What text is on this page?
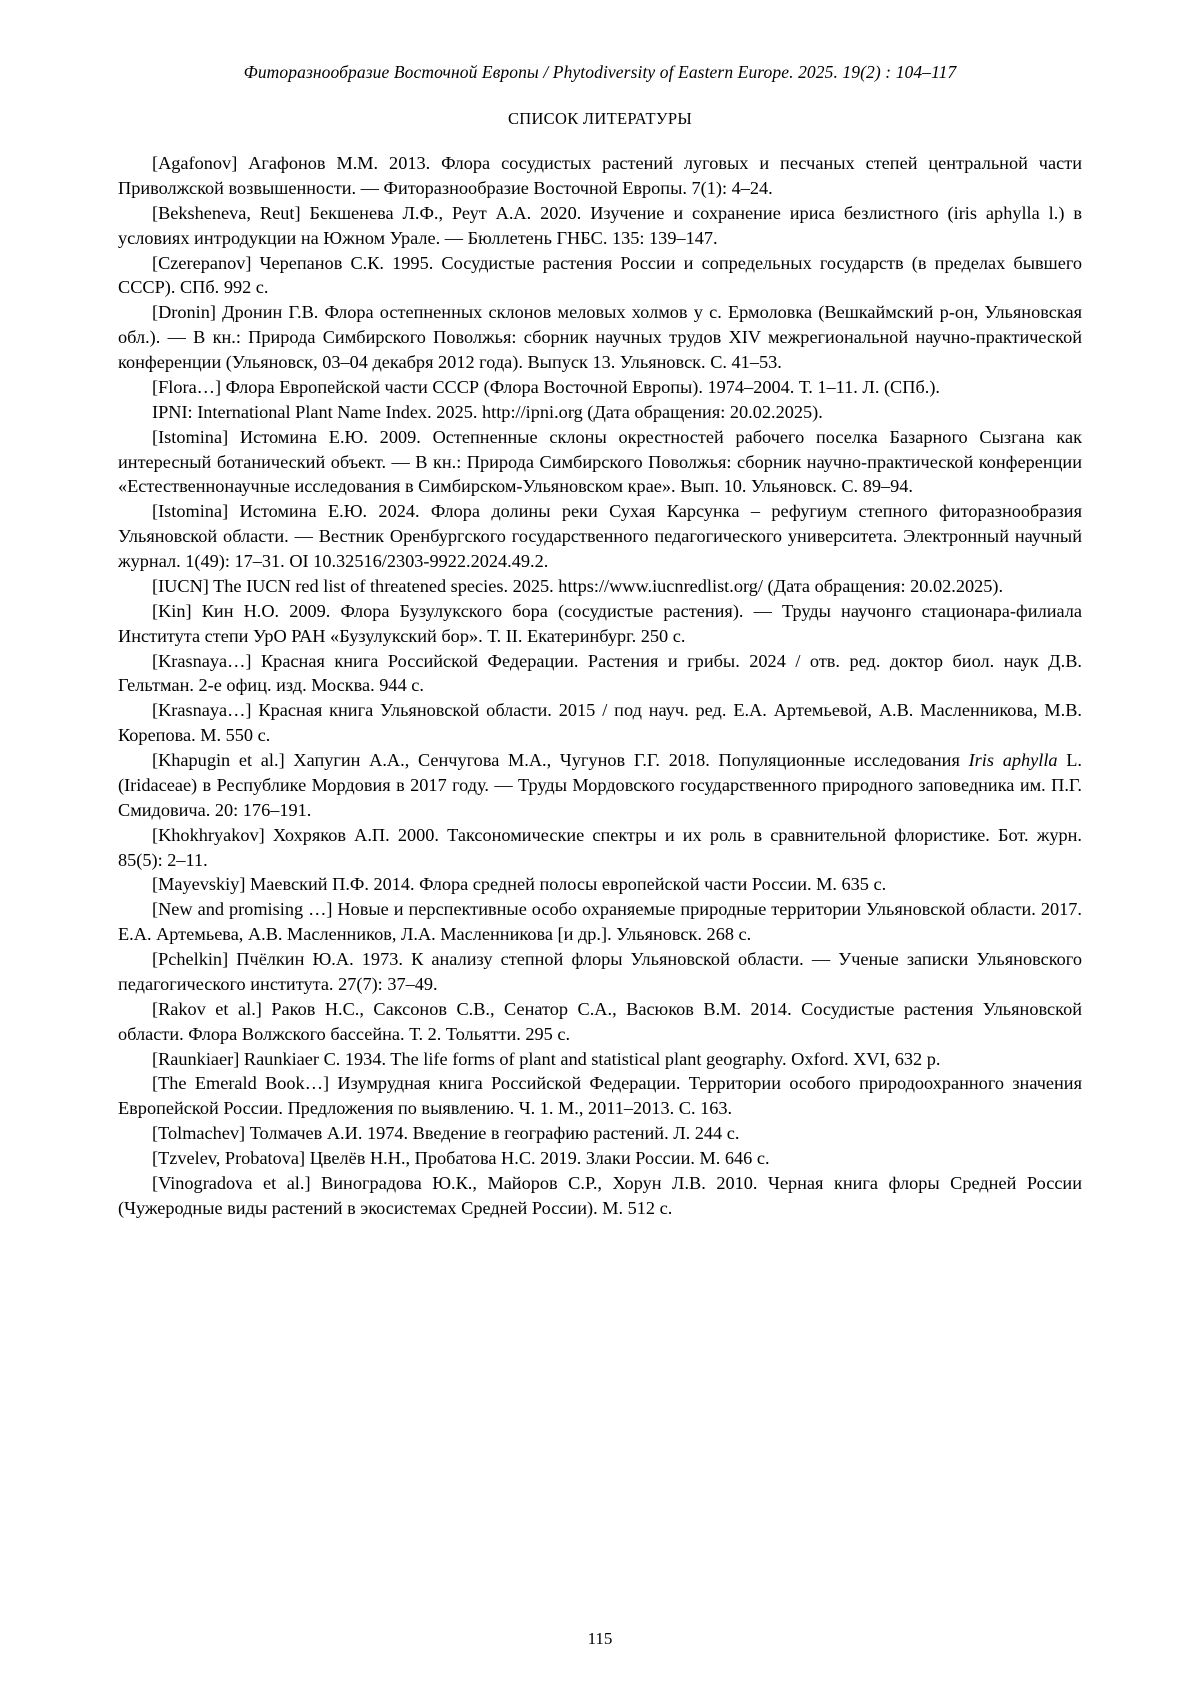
Фиторазнообразие Восточной Европы / Phytodiversity of Eastern Europe. 2025. 19(2) : 104–117
СПИСОК ЛИТЕРАТУРЫ

[Agafonov] Агафонов М.М. 2013. Флора сосудистых растений луговых и песчаных степей центральной части Приволжской возвышенности. — Фиторазнообразие Восточной Европы. 7(1): 4–24.

[Beksheneva, Reut] Бекшенева Л.Ф., Реут А.А. 2020. Изучение и сохранение ириса безлистного (iris aphylla l.) в условиях интродукции на Южном Урале. — Бюллетень ГНБС. 135: 139–147.

[Czerepanov] Черепанов С.К. 1995. Сосудистые растения России и сопредельных государств (в пределах бывшего СССР). СПб. 992 с.

[Dronin] Дронин Г.В. Флора остепненных склонов меловых холмов у с. Ермоловка (Вешкаймский р-он, Ульяновская обл.). — В кн.: Природа Симбирского Поволжья: сборник научных трудов XIV межрегиональной научно-практической конференции (Ульяновск, 03–04 декабря 2012 года). Выпуск 13. Ульяновск. С. 41–53.

[Flora…] Флора Европейской части СССР (Флора Восточной Европы). 1974–2004. Т. 1–11. Л. (СПб.).

IPNI: International Plant Name Index. 2025. http://ipni.org (Дата обращения: 20.02.2025).

[Istomina] Истомина Е.Ю. 2009. Остепненные склоны окрестностей рабочего поселка Базарного Сызгана как интересный ботанический объект. — В кн.: Природа Симбирского Поволжья: сборник научно-практической конференции «Естественнонаучные исследования в Симбирском-Ульяновском крае». Вып. 10. Ульяновск. С. 89–94.

[Istomina] Истомина Е.Ю. 2024. Флора долины реки Сухая Карсунка – рефугиум степного фиторазнообразия Ульяновской области. — Вестник Оренбургского государственного педагогического университета. Электронный научный журнал. 1(49): 17–31. OI 10.32516/2303-9922.2024.49.2.

[IUCN] The IUCN red list of threatened species. 2025. https://www.iucnredlist.org/ (Дата обращения: 20.02.2025).

[Kin] Кин Н.О. 2009. Флора Бузулукского бора (сосудистые растения). — Труды научонго стационара-филиала Института степи УрО РАН «Бузулукский бор». Т. II. Екатеринбург. 250 с.

[Krasnaya…] Красная книга Российской Федерации. Растения и грибы. 2024 / отв. ред. доктор биол. наук Д.В. Гельтман. 2-е офиц. изд. Москва. 944 с.

[Krasnaya…] Красная книга Ульяновской области. 2015 / под науч. ред. Е.А. Артемьевой, А.В. Масленникова, М.В. Корепова. М. 550 с.

[Khapugin et al.] Хапугин А.А., Сенчугова М.А., Чугунов Г.Г. 2018. Популяционные исследования Iris aphylla L. (Iridaceae) в Республике Мордовия в 2017 году. — Труды Мордовского государственного природного заповедника им. П.Г. Смидовича. 20: 176–191.

[Khokhryakov] Хохряков А.П. 2000. Таксономические спектры и их роль в сравнительной флористике. Бот. журн. 85(5): 2–11.

[Mayevskiy] Маевский П.Ф. 2014. Флора средней полосы европейской части России. М. 635 с.

[New and promising …] Новые и перспективные особо охраняемые природные территории Ульяновской области. 2017. Е.А. Артемьева, А.В. Масленников, Л.А. Масленникова [и др.]. Ульяновск. 268 с.

[Pchelkin] Пчёлкин Ю.А. 1973. К анализу степной флоры Ульяновской области. — Ученые записки Ульяновского педагогического института. 27(7): 37–49.

[Rakov et al.] Раков Н.С., Саксонов С.В., Сенатор С.А., Васюков В.М. 2014. Сосудистые растения Ульяновской области. Флора Волжского бассейна. Т. 2. Тольятти. 295 с.

[Raunkiaer] Raunkiaer C. 1934. The life forms of plant and statistical plant geography. Oxford. XVI, 632 p.

[The Emerald Book…] Изумрудная книга Российской Федерации. Территории особого природоохранного значения Европейской России. Предложения по выявлению. Ч. 1. М., 2011–2013. С. 163.

[Tolmachev] Толмачев А.И. 1974. Введение в географию растений. Л. 244 с.

[Tzvelev, Probatova] Цвелёв Н.Н., Пробатова Н.С. 2019. Злаки России. М. 646 с.

[Vinogradova et al.] Виноградова Ю.К., Майоров С.Р., Хорун Л.В. 2010. Черная книга флоры Средней России (Чужеродные виды растений в экосистемах Средней России). М. 512 с.

115
